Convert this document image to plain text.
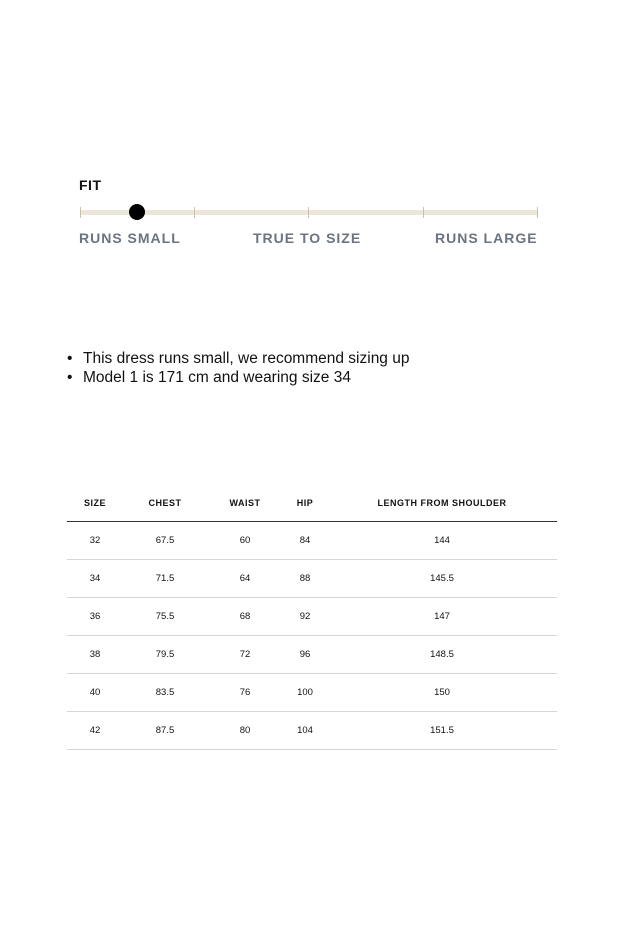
FIT
RUNS SMALL	TRUE TO SIZE	RUNS LARGE
• This dress runs small, we recommend sizing up
• Model 1 is 171 cm and wearing size 34
SIZE	CHEST	WAIST	HIP	LENGTH FROM SHOULDER
32	67.5	60	84	144
34	71.5	64	88	145.5
36	75.5	68	92	147
38	79.5	72	96	148.5
40	83.5	76	100	150
42	87.5	80	104	151.5
